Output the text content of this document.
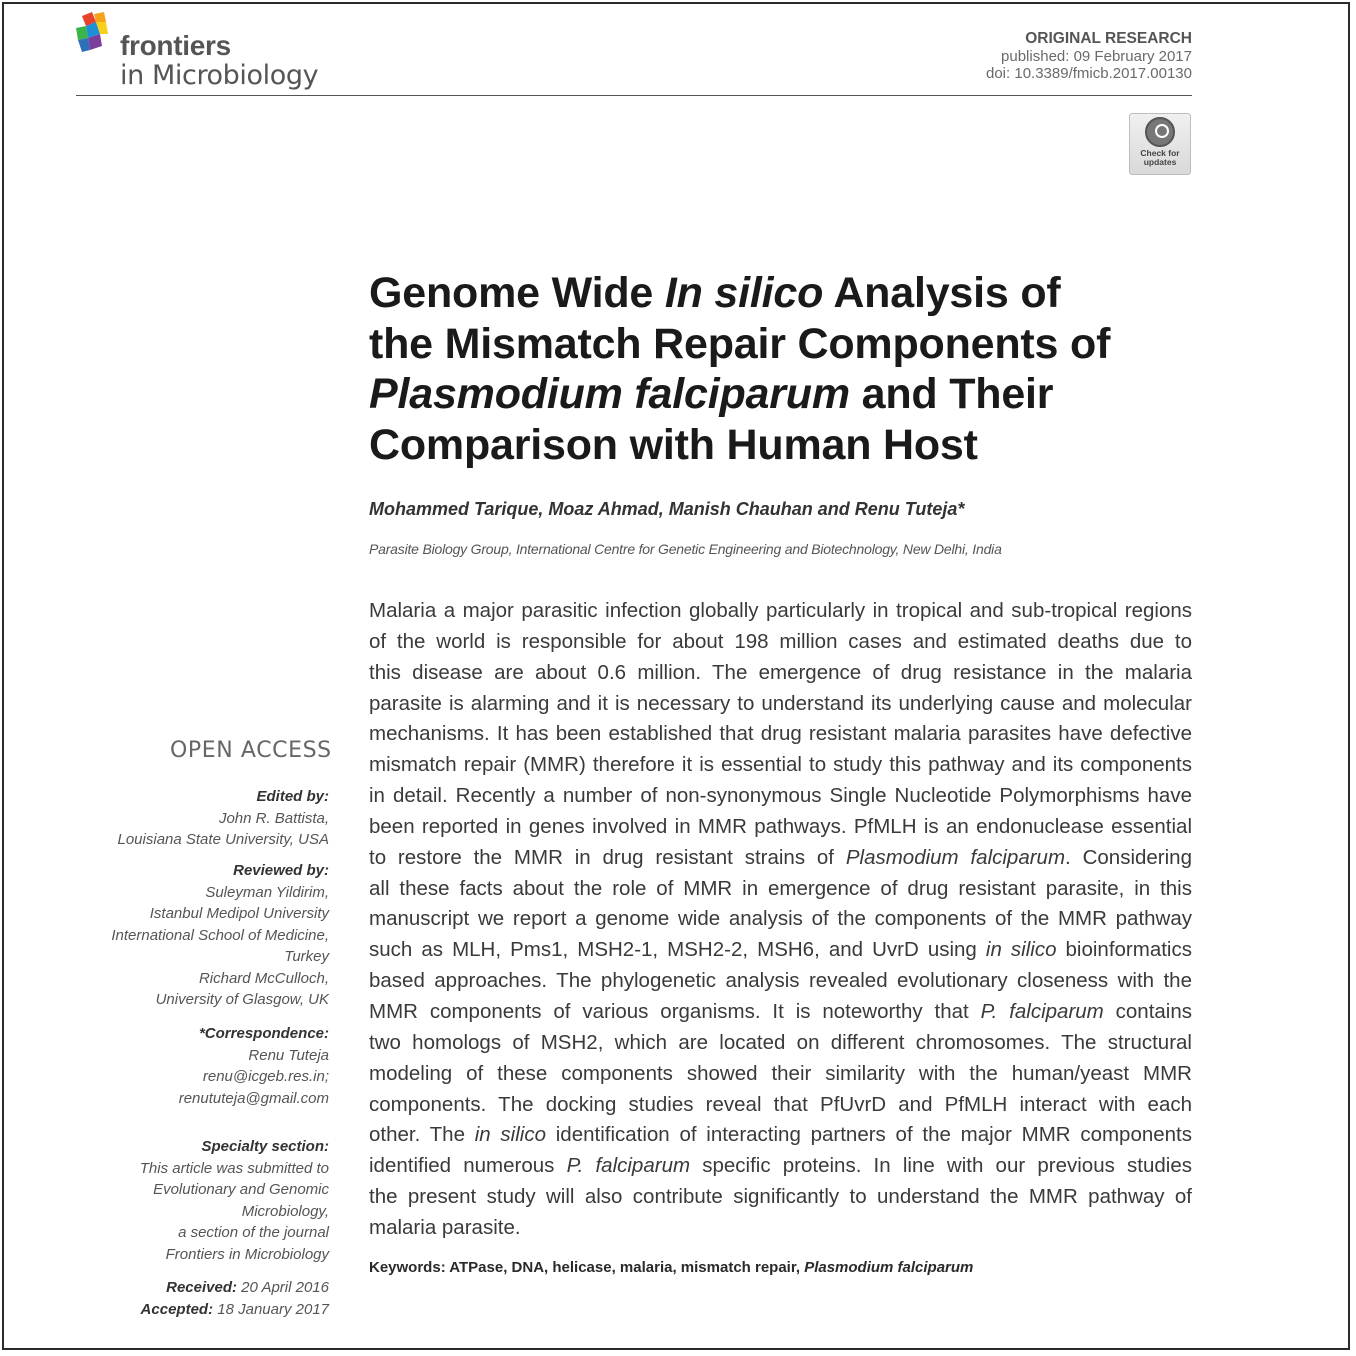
frontiers
in Microbiology
ORIGINAL RESEARCH
published: 09 February 2017
doi: 10.3389/fmicb.2017.00130
Check for
updates
Genome Wide In silico Analysis of
the Mismatch Repair Components of
Plasmodium falciparum and Their
Comparison with Human Host
Mohammed Tarique, Moaz Ahmad, Manish Chauhan and Renu Tuteja*
Parasite Biology Group, International Centre for Genetic Engineering and Biotechnology, New Delhi, India
Malaria a major parasitic infection globally particularly in tropical and sub-tropical regions
of the world is responsible for about 198 million cases and estimated deaths due to
this disease are about 0.6 million. The emergence of drug resistance in the malaria
parasite is alarming and it is necessary to understand its underlying cause and molecular
mechanisms. It has been established that drug resistant malaria parasites have defective
mismatch repair (MMR) therefore it is essential to study this pathway and its components
in detail. Recently a number of non-synonymous Single Nucleotide Polymorphisms have
been reported in genes involved in MMR pathways. PfMLH is an endonuclease essential
to restore the MMR in drug resistant strains of Plasmodium falciparum. Considering
all these facts about the role of MMR in emergence of drug resistant parasite, in this
manuscript we report a genome wide analysis of the components of the MMR pathway
such as MLH, Pms1, MSH2-1, MSH2-2, MSH6, and UvrD using in silico bioinformatics
based approaches. The phylogenetic analysis revealed evolutionary closeness with the
MMR components of various organisms. It is noteworthy that P. falciparum contains
two homologs of MSH2, which are located on different chromosomes. The structural
modeling of these components showed their similarity with the human/yeast MMR
components. The docking studies reveal that PfUvrD and PfMLH interact with each
other. The in silico identification of interacting partners of the major MMR components
identified numerous P. falciparum specific proteins. In line with our previous studies
the present study will also contribute significantly to understand the MMR pathway of
malaria parasite.
Keywords: ATPase, DNA, helicase, malaria, mismatch repair, Plasmodium falciparum
OPEN ACCESS
Edited by:
John R. Battista,
Louisiana State University, USA
Reviewed by:
Suleyman Yildirim,
Istanbul Medipol University
International School of Medicine,
Turkey
Richard McCulloch,
University of Glasgow, UK
*Correspondence:
Renu Tuteja
renu@icgeb.res.in;
renututeja@gmail.com
Specialty section:
This article was submitted to
Evolutionary and Genomic
Microbiology,
a section of the journal
Frontiers in Microbiology
Received: 20 April 2016
Accepted: 18 January 2017
